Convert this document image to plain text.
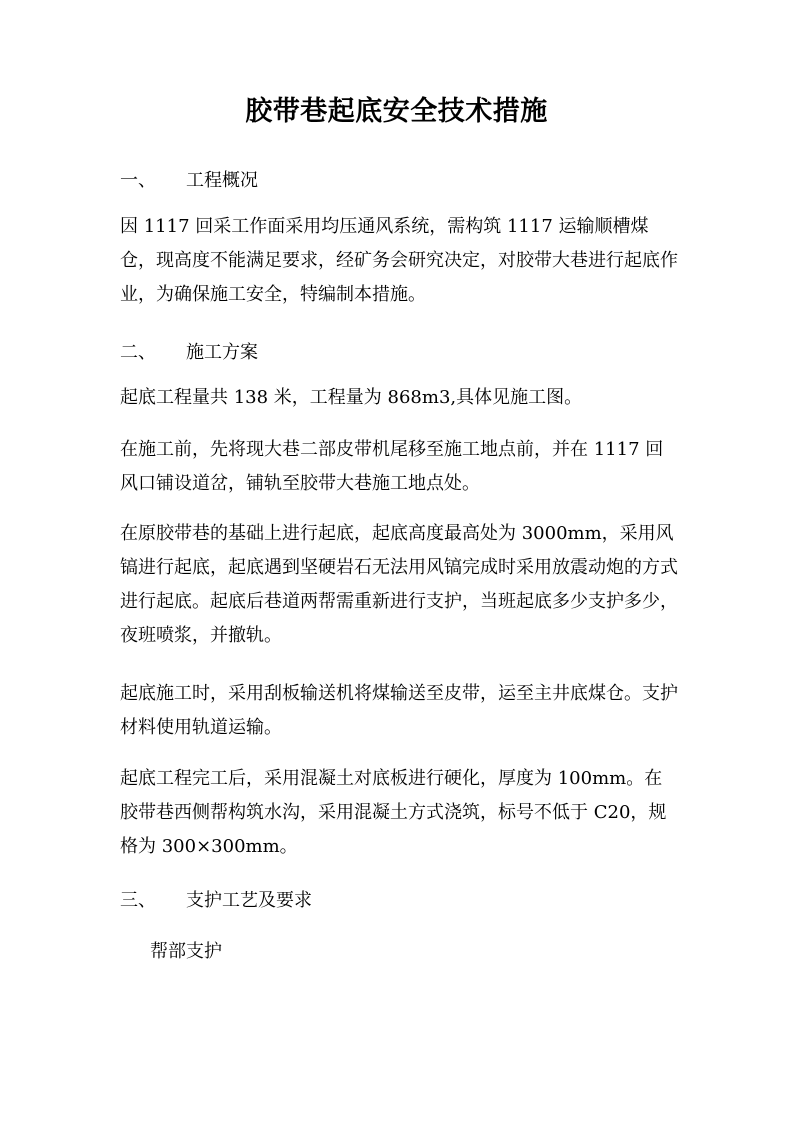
胶带巷起底安全技术措施
一、 工程概况
因 1117 回采工作面采用均压通风系统，需构筑 1117 运输顺槽煤仓，现高度不能满足要求，经矿务会研究决定，对胶带大巷进行起底作业，为确保施工安全，特编制本措施。
二、 施工方案
起底工程量共 138 米，工程量为 868m3,具体见施工图。
在施工前，先将现大巷二部皮带机尾移至施工地点前，并在 1117 回风口铺设道岔，铺轨至胶带大巷施工地点处。
在原胶带巷的基础上进行起底，起底高度最高处为 3000mm，采用风镐进行起底，起底遇到坚硬岩石无法用风镐完成时采用放震动炮的方式进行起底。起底后巷道两帮需重新进行支护，当班起底多少支护多少，夜班喷浆，并撤轨。
起底施工时，采用刮板输送机将煤输送至皮带，运至主井底煤仓。支护材料使用轨道运输。
起底工程完工后，采用混凝土对底板进行硬化，厚度为 100mm。在胶带巷西侧帮构筑水沟，采用混凝土方式浇筑，标号不低于 C20，规格为 300×300mm。
三、 支护工艺及要求
帮部支护
